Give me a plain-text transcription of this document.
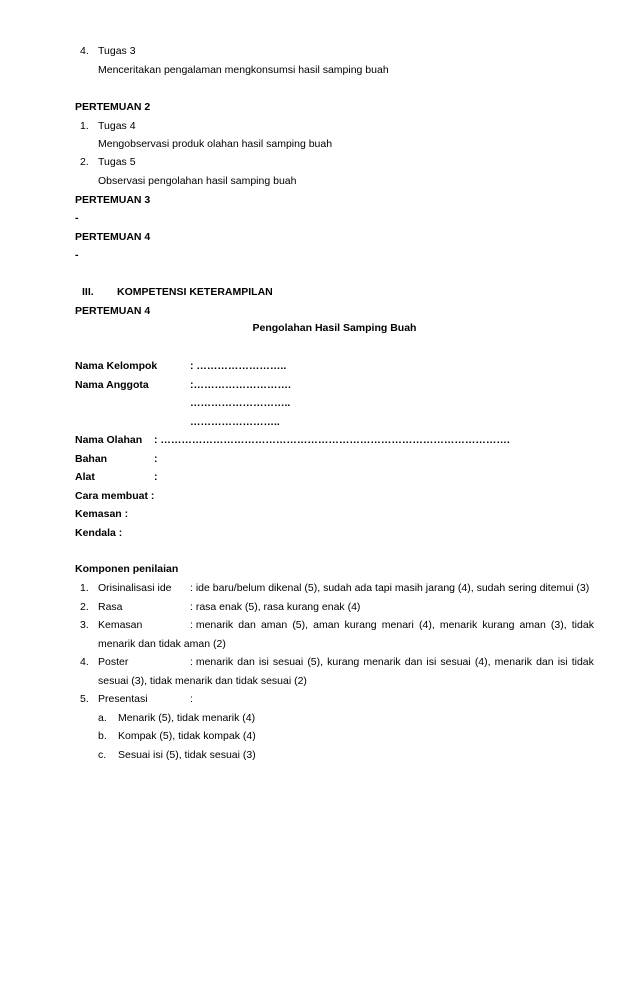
4. Tugas 3
Menceritakan pengalaman mengkonsumsi hasil samping buah
PERTEMUAN 2
1. Tugas 4
Mengobservasi produk olahan hasil samping buah
2. Tugas 5
Observasi pengolahan hasil samping buah
PERTEMUAN 3
-
PERTEMUAN 4
-
III. KOMPETENSI KETERAMPILAN
PERTEMUAN 4
Pengolahan Hasil Samping Buah
Nama Kelompok	: ……………………..
Nama Anggota	:……………………….
………………………..
……………………..
Nama Olahan : ……………………………………………………………………………………….
Bahan	:
Alat	:
Cara membuat :
Kemasan :
Kendala :
Komponen penilaian
1. Orisinalisasi ide : ide baru/belum dikenal (5), sudah ada tapi masih jarang (4), sudah sering ditemui (3)
2. Rasa	: rasa enak (5), rasa kurang enak (4)
3. Kemasan	: menarik dan aman (5), aman kurang menari (4), menarik kurang aman (3), tidak
menarik dan tidak aman (2)
4. Poster	: menarik dan isi sesuai (5), kurang menarik dan isi sesuai (4), menarik dan isi tidak
sesuai (3), tidak menarik dan tidak sesuai (2)
5. Presentasi	:
a. Menarik (5), tidak menarik (4)
b. Kompak (5), tidak kompak (4)
c. Sesuai isi (5), tidak sesuai (3)
